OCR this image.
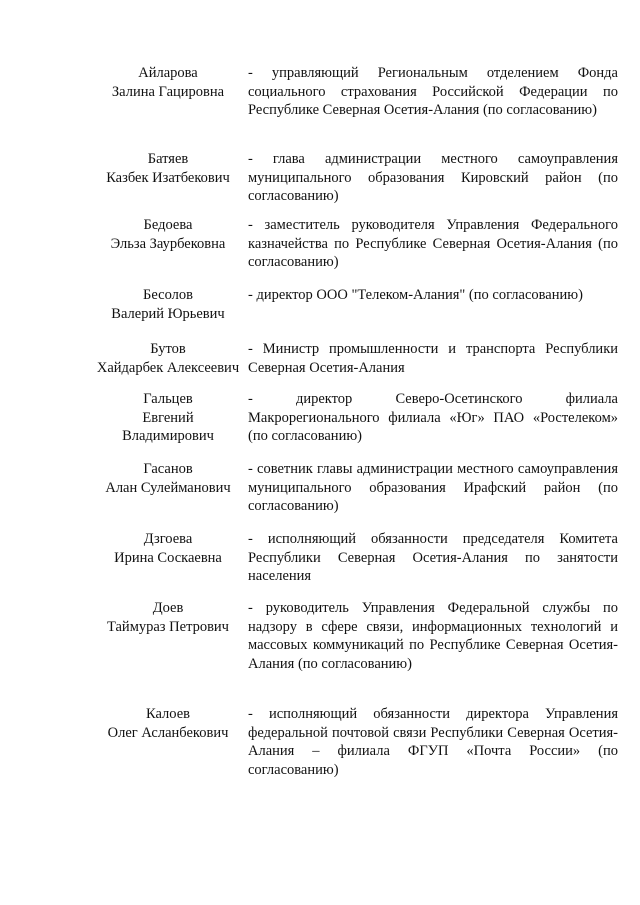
Айларова
Залина Гацировна
- управляющий Региональным отделением Фонда социального страхования Российской Федерации по Республике Северная Осетия-Алания (по согласованию)
Батяев
Казбек Изатбекович
- глава администрации местного самоуправления муниципального образования Кировский район (по согласованию)
Бедоева
Эльза Заурбековна
- заместитель руководителя Управления Федерального казначейства по Республике Северная Осетия-Алания (по согласованию)
Бесолов
Валерий Юрьевич
- директор ООО "Телеком-Алания" (по согласованию)
Бутов
Хайдарбек Алексеевич
- Министр промышленности и транспорта Республики Северная Осетия-Алания
Гальцев
Евгений
Владимирович
- директор Северо-Осетинского филиала Макрорегионального филиала «Юг» ПАО «Ростелеком» (по согласованию)
Гасанов
Алан Сулейманович
- советник главы администрации местного самоуправления муниципального образования Ирафский район (по согласованию)
Дзгоева
Ирина Соскаевна
- исполняющий обязанности председателя Комитета Республики Северная Осетия-Алания по занятости населения
Доев
Таймураз Петрович
- руководитель Управления Федеральной службы по надзору в сфере связи, информационных технологий и массовых коммуникаций по Республике Северная Осетия-Алания (по согласованию)
Калоев
Олег Асланбекович
- исполняющий обязанности директора Управления федеральной почтовой связи Республики Северная Осетия-Алания – филиала ФГУП «Почта России» (по согласованию)
